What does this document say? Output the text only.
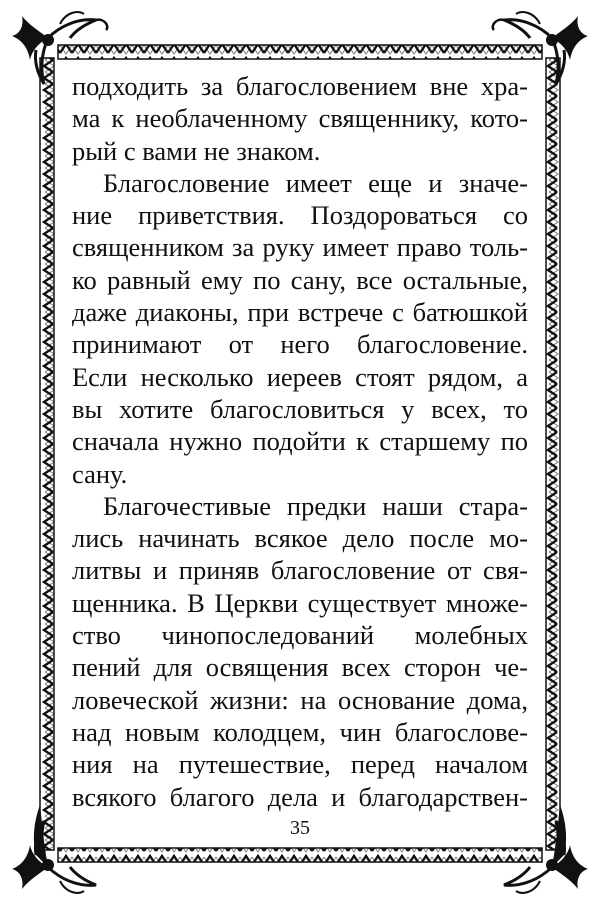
подходить за благословением вне хра-
ма к необлаченному священнику, кото-
рый с вами не знаком.
Благословение имеет еще и значе-
ние приветствия. Поздороваться со
священником за руку имеет право толь-
ко равный ему по сану, все остальные,
даже диаконы, при встрече с батюшкой
принимают от него благословение.
Если несколько иереев стоят рядом, а
вы хотите благословиться у всех, то
сначала нужно подойти к старшему по
сану.
Благочестивые предки наши стара-
лись начинать всякое дело после мо-
литвы и приняв благословение от свя-
щенника. В Церкви существует множе-
ство чинопоследований молебных
пений для освящения всех сторон че-
ловеческой жизни: на основание дома,
над новым колодцем, чин благослове-
ния на путешествие, перед началом
всякого благого дела и благодарствен-
35
